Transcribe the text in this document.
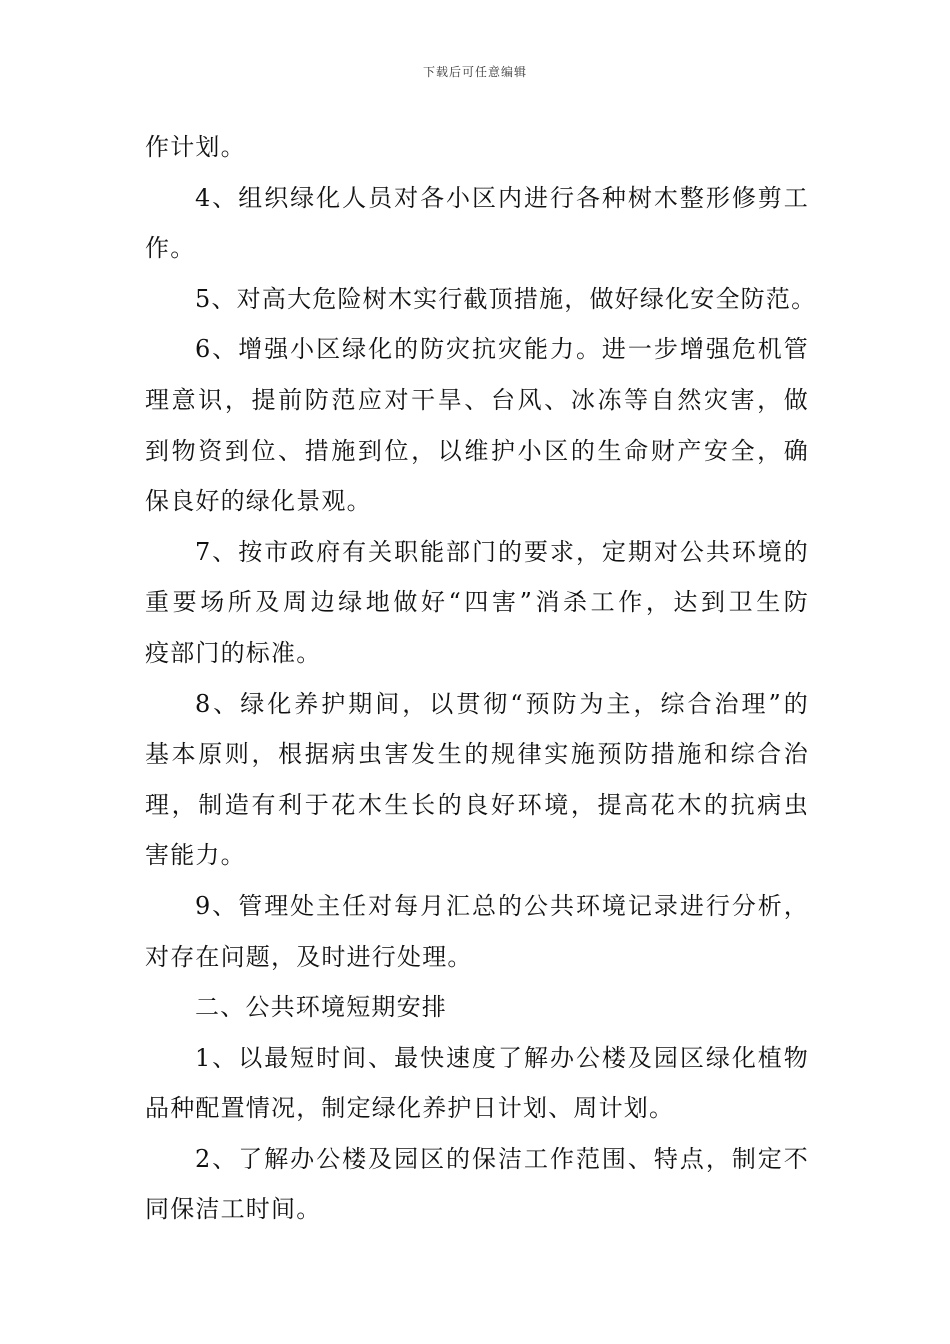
下载后可任意编辑
作计划。
4、组织绿化人员对各小区内进行各种树木整形修剪工
作。
5、对高大危险树木实行截顶措施，做好绿化安全防范。
6、增强小区绿化的防灾抗灾能力。进一步增强危机管
理意识，提前防范应对干旱、台风、冰冻等自然灾害，做
到物资到位、措施到位，以维护小区的生命财产安全，确
保良好的绿化景观。
7、按市政府有关职能部门的要求，定期对公共环境的
重要场所及周边绿地做好“四害”消杀工作，达到卫生防
疫部门的标准。
8、绿化养护期间，以贯彻“预防为主，综合治理”的
基本原则，根据病虫害发生的规律实施预防措施和综合治
理，制造有利于花木生长的良好环境，提高花木的抗病虫
害能力。
9、管理处主任对每月汇总的公共环境记录进行分析，
对存在问题，及时进行处理。
二、公共环境短期安排
1、以最短时间、最快速度了解办公楼及园区绿化植物
品种配置情况，制定绿化养护日计划、周计划。
2、了解办公楼及园区的保洁工作范围、特点，制定不
同保洁工时间。
